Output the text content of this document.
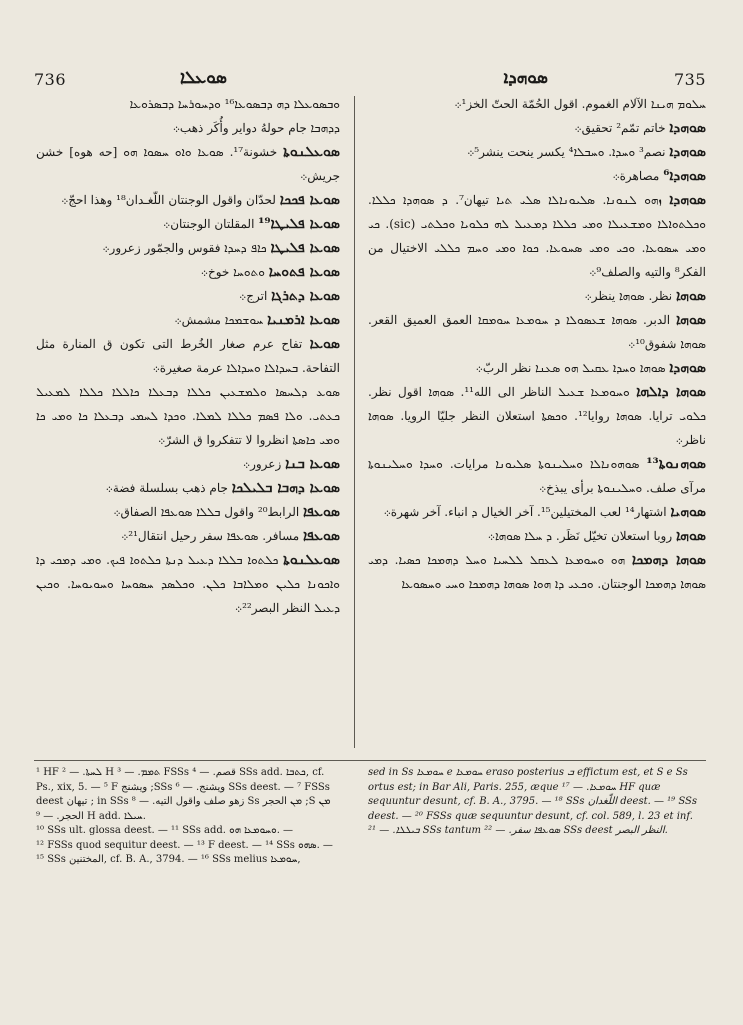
736	ܣܘܥܠܐ	ܣܘܗܕܐ	735

ܘܒܣܘܥܠܐ ܕܗ ܕܒܣܘܥܐ¹⁶ ܘܕܚܘܪܚܐ ܕܒܣܪܘܥܐ

ܕܕܗܒܐ جام حولهُ دواير وأُكَر ذهب܀

ܣܘܥܠܢܘܬܐ خشونة¹⁷. ܣܘܥܐ ܘܐܘ ܚܣܘܐ ܗܘ [حه هوه] خشن جريش܀

ܣܘܥܐ ܦܟܟܐ لحدّان واقول الوجنتان اللّغـدان¹⁸ وهذا احجّ܀

ܣܘܥܐ ܦܠܝܛܐ¹⁹ المقلتان الوجنتان܀

ܣܘܥܐ ܦܠܝܛܐ ܟܐܦ ܕܚܕܐ فقوس والجمّور زعرور܀

ܣܘܥܐ ܦܬܘܚܐ ܘܬܘܚܐ خوخ܀

ܣܘܥܐ ܕܬܪܓܐ اترج܀

ܣܘܥܐ ܐܪܡܢܝܐ ܚܘܫܡܟܐ مشمش܀

ܣܘܥܐ تفاح عرم صغار الخُرط التى تكون ق المنارة مثل التفاحة. ܒܚܕܐܠܐ ܘܚܕܐܠܐ عرمة صغيرة܀

ܣܘܥ ܕܠܚܣܐ ܘܠܡܫܥܝܢ ܟܠܠܐ ܕܒܥܠܐ ܟܐܠܠܐ ܟܠܠܐ ܠܡܥܝܠ ܟܥܬܝ. ܘܠܐ ܦܣܡ ܟܠܠܐ ܠܡܠܐ. ܘܟܕܐ ܠܚܡܝ ܕܒܥܠܐ ܟܐ ܘܡܝ ܟܐ ܘܡܝ ܟܐܣܬܐ انظروا لا تتفكروا ق الشرّ܀

ܣܘܥܐ ܒܢܐ زعرور܀

ܣܘܥܐ ܕܗܒܐ ܒܠܝܠܟܐ جام ذهب بسلسلة فضة܀

ܣܘܥܦܐ الرابط²⁰ واقول ܒܠܠܐ ܣܘܥܦܐ الصفاق܀

ܣܘܥܦܐ مسافر. ܣܘܥܦܐ سفر رحيل انتقال²¹܀

ܣܘܥܠܢܘܬܐ ܟܠܬܘܐ ܒܠܠܐ ܕܥܝܠ ܕܢܬܐ ܟܠܬܘܐ ܦܝܟ. ܘܡܝ ܕܡܟܝ ܕܐ ܘܐܟܘܢܐ ܟܠܝܢ ܘܡܠܐܒܐ ܟܠܢ. ܘܟܠܣܕ ܚܣܘܚܐ ܘܚܘܝܘܚܐ. ܘܟܝܢ ܕܥܝܠ النظر البصر²²܀

ܚܠܘܡ ܗܝܢܐ الآلام الغموم. اقول الحُمّة الحتّ الخز¹܀

ܣܘܗܕܐ خاتم تمّم² تحقيق܀

ܣܘܗܕܐ نصم³ ܘܚܕܐ. ܘܚܒܠܐ⁴ يكسر ينحت ينشر⁵܀

ܣܘܗܕܐ⁶ مصاهرة܀

ܣܘܗܕܐ ܙܗܘ ܠܢܘܢܐ. ܣܠܝܘܢܐܠܐ ܣܠܝ ܬܝܐ تيهان⁷. ܕ ܣܘܗܕܐ ܟܠܠܐ. ܘܟܠܬܘܐܠܐ ܘܡܫܥܝܠܐ ܘܡܝ ܟܠܠܐ ܕܡܥܝܠ ܠܗ ܟܠܘܝܐ ܘܟܠܬܝ (sic). ܟܝ ܘܡܝ ܚܣܘܥܐ. ܘܟܝ ܘܡܝ ܣܚܘܥܐ. ܟܘܐ ܘܡܝ ܘܚܡ ܟܠܠܝ الاختيال من الفكر⁸ والتيه والصلف⁹܀

ܣܘܗܐ نظر. ܣܘܗܐ ينظر܀

ܣܘܗܐ الدبر. ܣܘܗܐ ܫܥܣܘܠܐ ܕ ܚܘܡܥܐ ܚܘܡܩܐ العمق العميق القعر. ܣܘܗܐ شفوق¹⁰܀

ܣܘܗܕܐ ܣܘܗܐ ܘܚܕܐ ܥܩܝܠ ܗܘ ܣܥܢܐ نظر الربّ܀

ܣܘܗܐ ܕܐܠܗܐ ܘܚܘܡܥܐ ܫܥܝܠ الناظر الى الله¹¹. ܣܘܗܐ اقول نظر. ܟܠܘܝ ترايا. ܣܘܗܐ روايا¹². ܘܟܣܬܐ استعلان النظر جليّا الرويا. ܣܘܗܐ ناظر܀

ܣܘܗܢܘܬܐ¹³ ܣܘܗܘܢܐܠܐ ܘܚܠܝܢܘܬܐ ܣܠܝܘܢܐ مرايات. ܘܚܕܐ ܘܚܠܝܢܘܬܐ مرآى صلف. ܘܚܠܝܢܘܬܐ برأى يبذخ܀

ܣܘܗܝܐ اشتهار¹⁴ لعب المختيلين¹⁵. آخر الخيال ܕ انباء. آخر شهرة܀

ܣܘܗܐ روبا استعلان تخيّل نَظَر. ܕ ܚܠܐ ܣܘܗܐ܀

ܣܘܗܐ ܕܗܡܟܐ ܗܘ ܘܚܘܡܥܐ ܠܥܩܠ ܠܠܚܝܐ ܘܚܠ ܕܗܡܟܐ ܟܣܝܐ. ܕܡܝ ܣܘܗܐ ܕܗܡܟܐ الوجنتان. ܘܟܥܝ ܕܐ ܗܘܐ ܣܘܗܐ ܕܗܡܟܐ ܘܚܝ ܘܚܣܘܥܐ

¹ HF ܠܚܬܐ. — ² H ܬܡܡ. — ³ FSSs قصم. — ⁴ SSs add. ܟܬܒܐ, cf. Ps., xix, 5. — ⁵ F ويشنج ;SSs ويشنج. — ⁶ SSs deest. — ⁷ FSSs deest تيهان ; in SSs زهو صلف واقول التيه. — ⁸ Ss ܡܢ الحجر ;S ܡܢ الحجر. — ⁹ H add. ܚܝܠܐ.

¹⁰ SSs ult. glossa deest. — ¹¹ SSs add. ܘܚܘܡܥܐ ܗܘ. —

¹² FSSs quod sequitur deest. — ¹³ F deest. — ¹⁴ SSs ܣܗܘ. —

¹⁵ SSs المختنين, cf. B. A., 3794. — ¹⁶ SSs melius ܚܘܡܥܐ,

sed in Ss ܚܘܡܥܐ e ܚܘܡܥܐ eraso posterius ܒ effictum est, et S e Ss ortus est; in Bar Ali, Paris. 255, æque ܚܘܡܥܐ. — ¹⁷ HF quæ sequuntur desunt, cf. B. A., 3795. — ¹⁸ SSs اللّغدان deest. — ¹⁹ SSs deest. — ²⁰ FSSs quæ sequuntur desunt, cf. col. 589, l. 23 et inf. ܒܝܠܠܐ. — ²¹ SSs tantum ܣܘܥܦܐ سفر. — ²² SSs deest النظر البصر.
